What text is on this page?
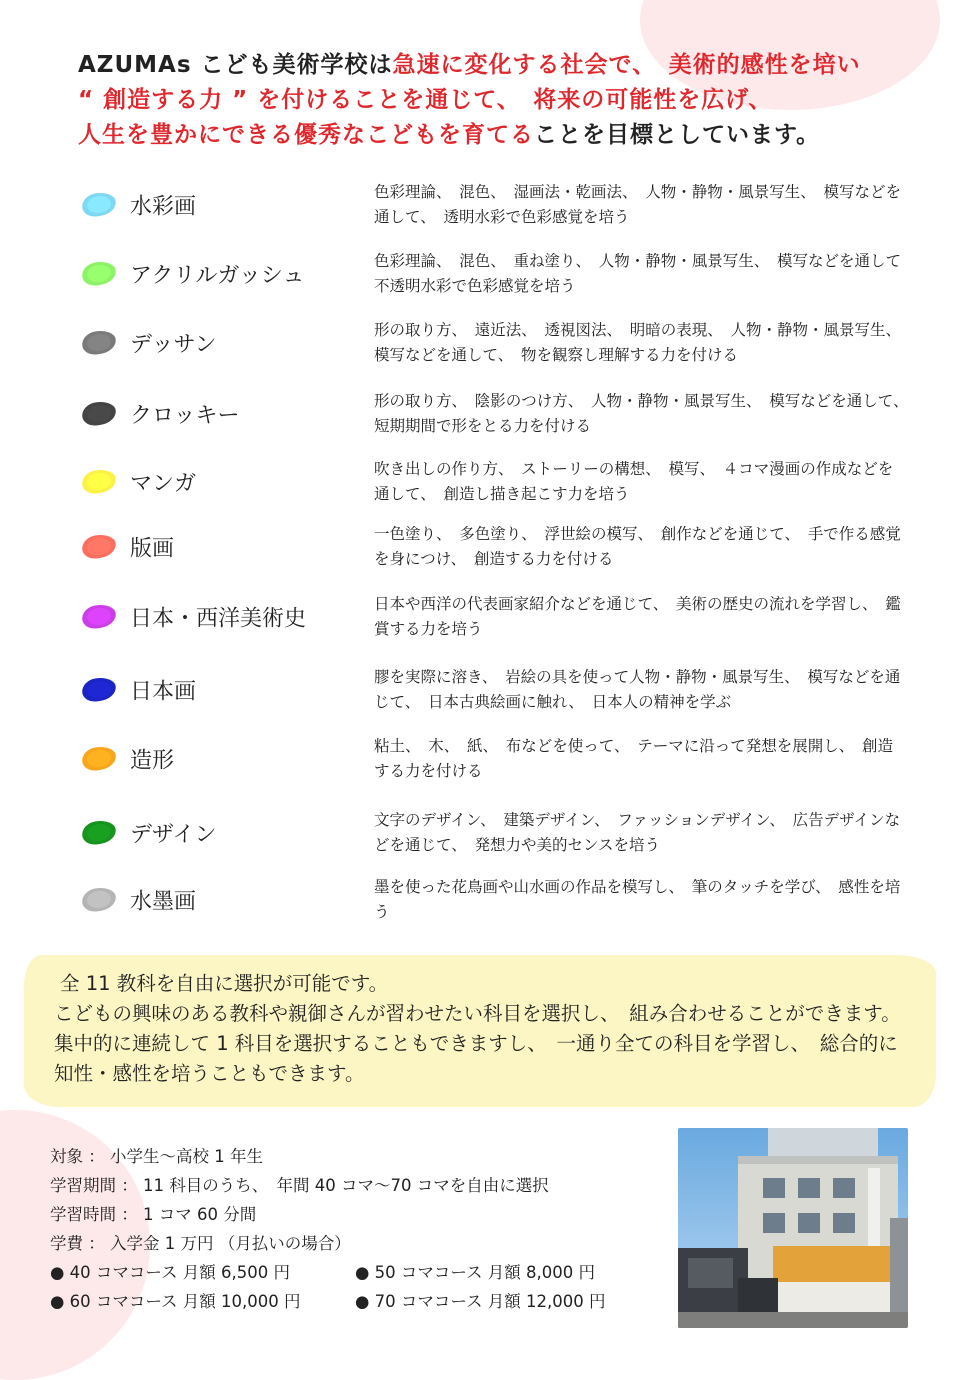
AZUMAs こども美術学校は急速に変化する社会で、　美術的感性を培い
“ 創造する力 ” を付けることを通じて、　将来の可能性を広げ、
人生を豊かにできる優秀なこどもを育てることを目標としています。
水彩画
色彩理論、　混色、　湿画法・乾画法、　人物・静物・風景写生、　模写などを通して、　透明水彩で色彩感覚を培う
アクリルガッシュ
色彩理論、　混色、　重ね塗り、　人物・静物・風景写生、　模写などを通して不透明水彩で色彩感覚を培う
デッサン
形の取り方、　遠近法、　透視図法、　明暗の表現、　人物・静物・風景写生、　模写などを通して、　物を観察し理解する力を付ける
クロッキー
形の取り方、　陰影のつけ方、　人物・静物・風景写生、　模写などを通して、　短期期間で形をとる力を付ける
マンガ
吹き出しの作り方、　ストーリーの構想、　模写、　４コマ漫画の作成などを通して、　創造し描き起こす力を培う
版画
一色塗り、　多色塗り、　浮世絵の模写、　創作などを通じて、　手で作る感覚を身につけ、　創造する力を付ける
日本・西洋美術史
日本や西洋の代表画家紹介などを通じて、　美術の歴史の流れを学習し、　鑑賞する力を培う
日本画
膠を実際に溶き、　岩絵の具を使って人物・静物・風景写生、　模写などを通じて、　日本古典絵画に触れ、　日本人の精神を学ぶ
造形
粘土、　木、　紙、　布などを使って、　テーマに沿って発想を展開し、　創造する力を付ける
デザイン
文字のデザイン、　建築デザイン、　ファッションデザイン、　広告デザインなどを通じて、　発想力や美的センスを培う
水墨画
墨を使った花鳥画や山水画の作品を模写し、　筆のタッチを学び、　感性を培う
全 11 教科を自由に選択が可能です。
こどもの興味のある教科や親御さんが習わせたい科目を選択し、　組み合わせることができます。　集中的に連続して 1 科目を選択することもできますし、　一通り全ての科目を学習し、　総合的に知性・感性を培うこともできます。
対象 ： 小学生～高校 1 年生
学習期間 ： 11 科目のうち、　年間 40 コマ～70 コマを自由に選択
学習時間 ： 1 コマ 60 分間
学費 ： 入学金 1 万円 （月払いの場合）
● 40 コマコース 月額 6,500 円	● 50 コマコース 月額 8,000 円
● 60 コマコース 月額 10,000 円	● 70 コマコース 月額 12,000 円
